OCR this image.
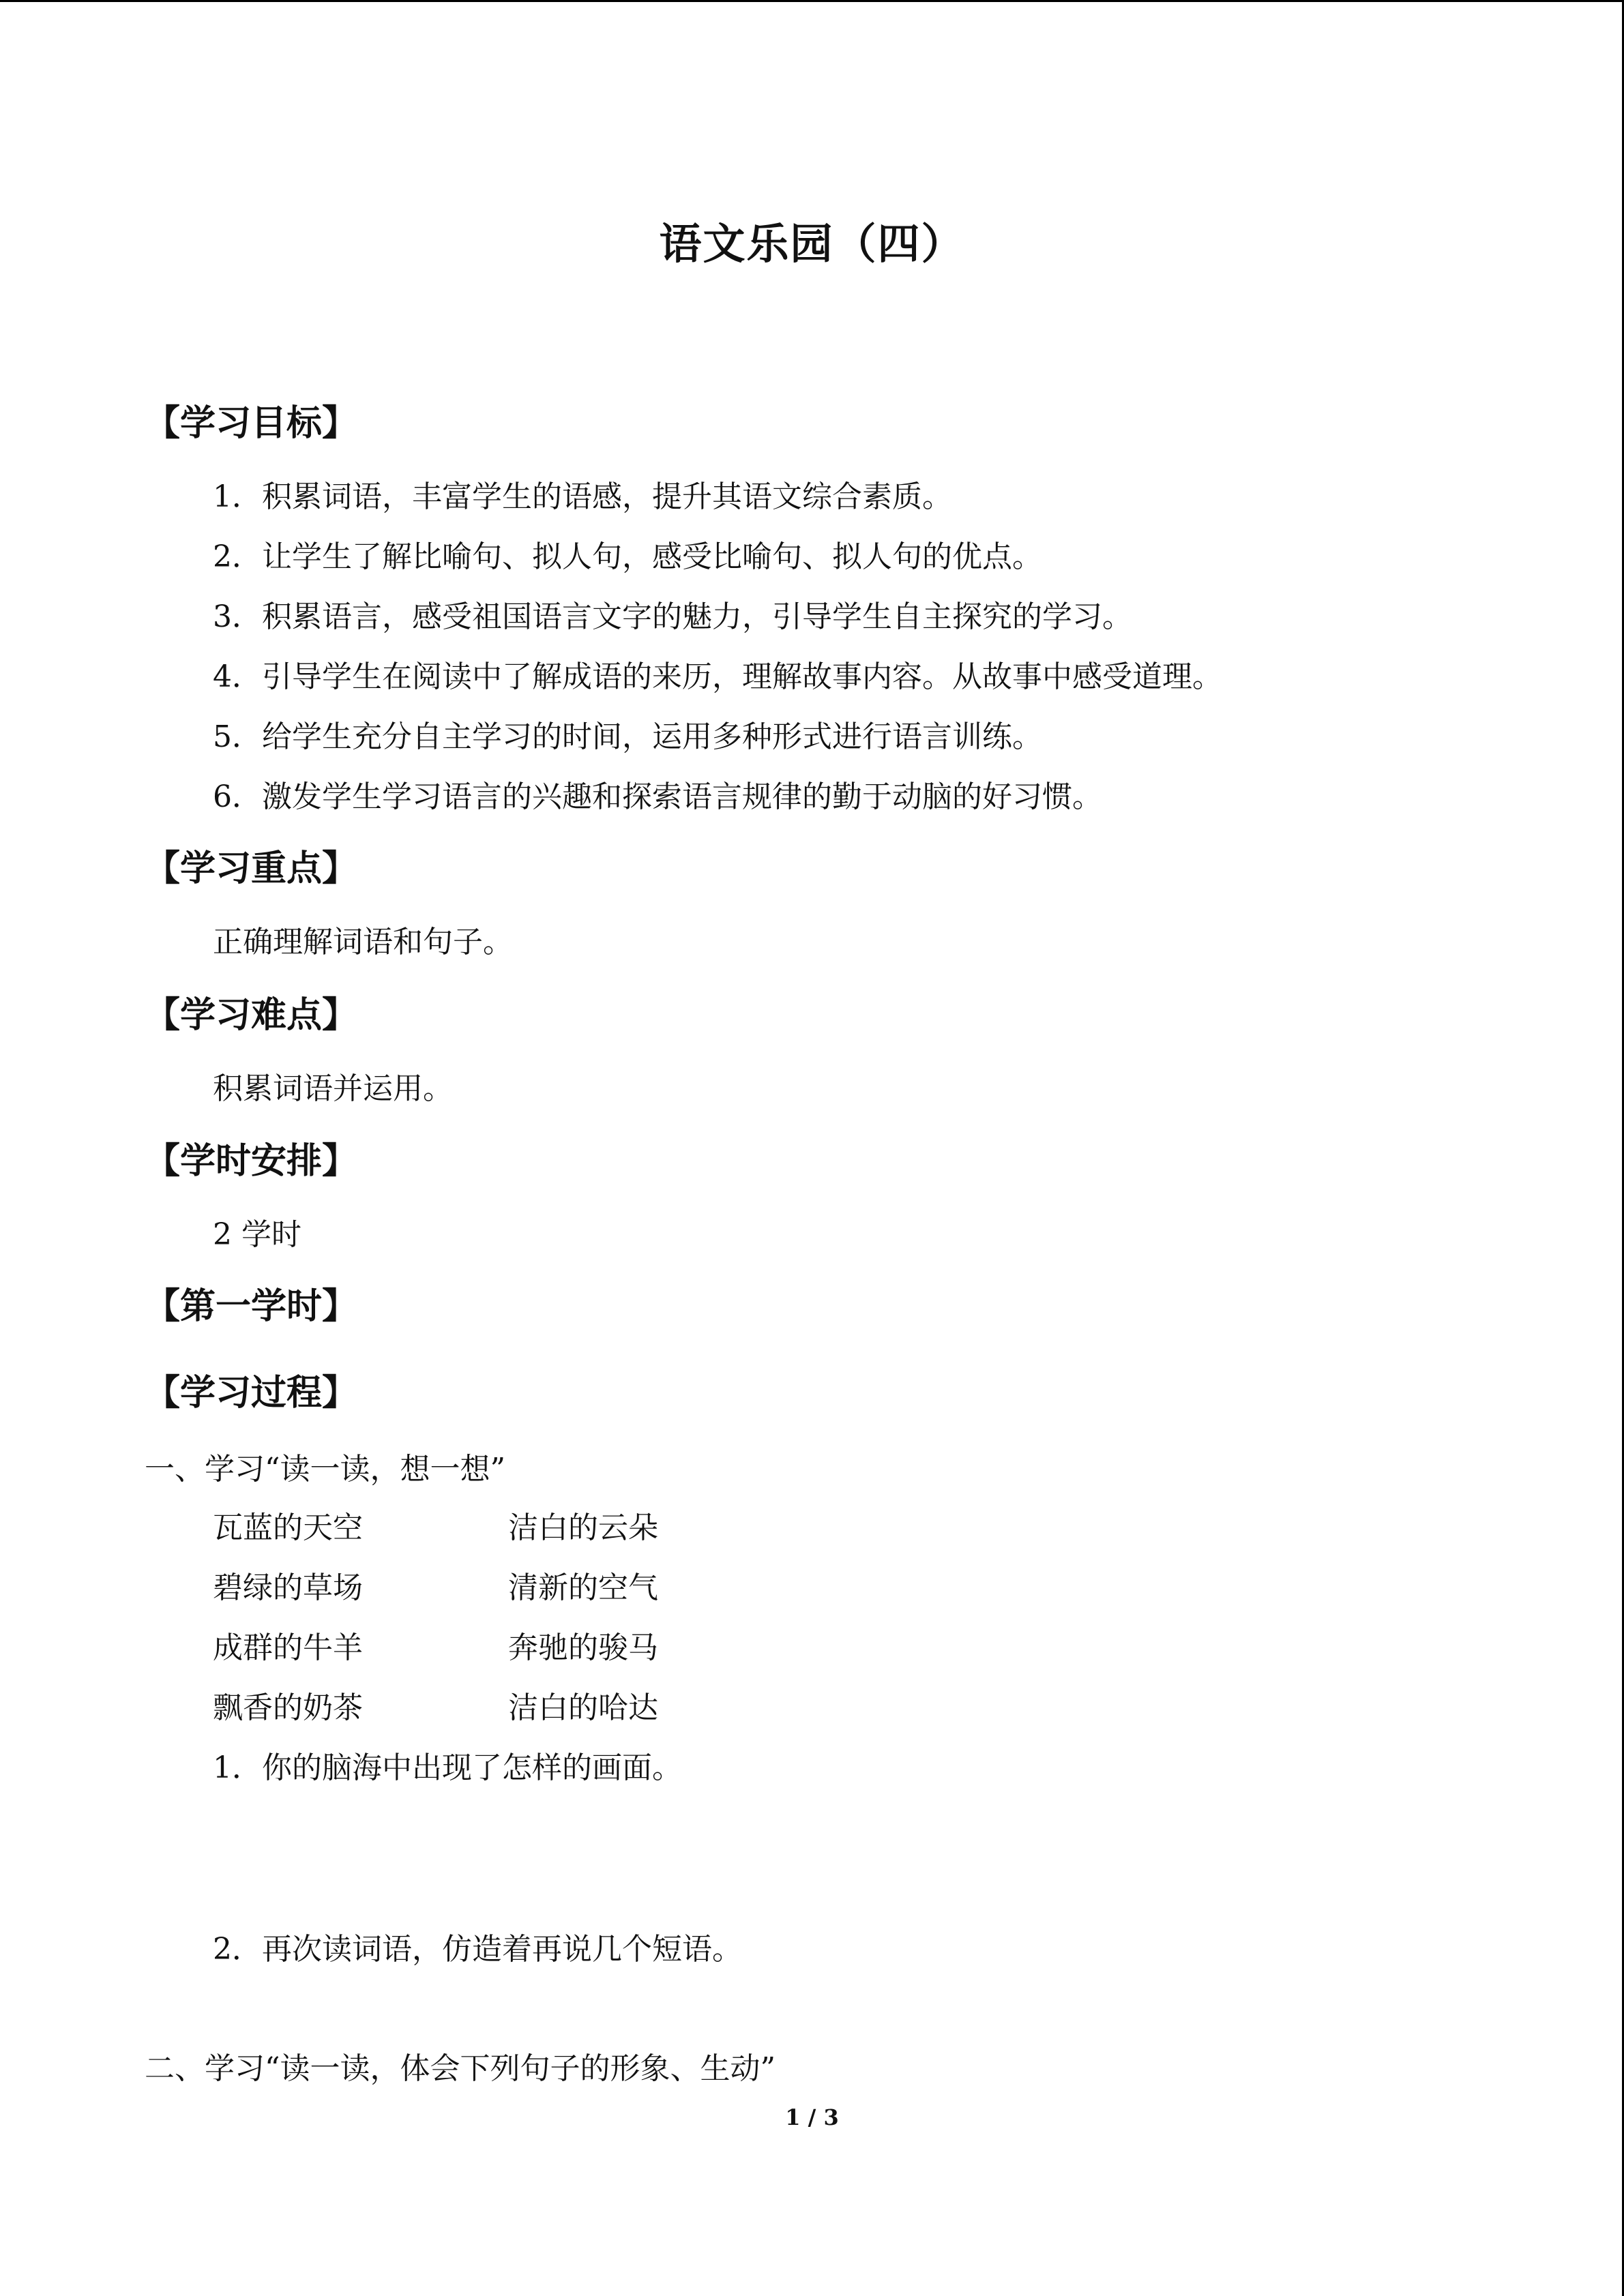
语文乐园（四）
【学习目标】
1．积累词语，丰富学生的语感，提升其语文综合素质。
2．让学生了解比喻句、拟人句，感受比喻句、拟人句的优点。
3．积累语言，感受祖国语言文字的魅力，引导学生自主探究的学习。
4．引导学生在阅读中了解成语的来历，理解故事内容。从故事中感受道理。
5．给学生充分自主学习的时间，运用多种形式进行语言训练。
6．激发学生学习语言的兴趣和探索语言规律的勤于动脑的好习惯。
【学习重点】
正确理解词语和句子。
【学习难点】
积累词语并运用。
【学时安排】
2 学时
【第一学时】
【学习过程】
一、学习“读一读，想一想”
瓦蓝的天空	洁白的云朵
碧绿的草场	清新的空气
成群的牛羊	奔驰的骏马
飘香的奶茶	洁白的哈达
1．你的脑海中出现了怎样的画面。
2．再次读词语，仿造着再说几个短语。
二、学习“读一读，体会下列句子的形象、生动”
1 / 3
